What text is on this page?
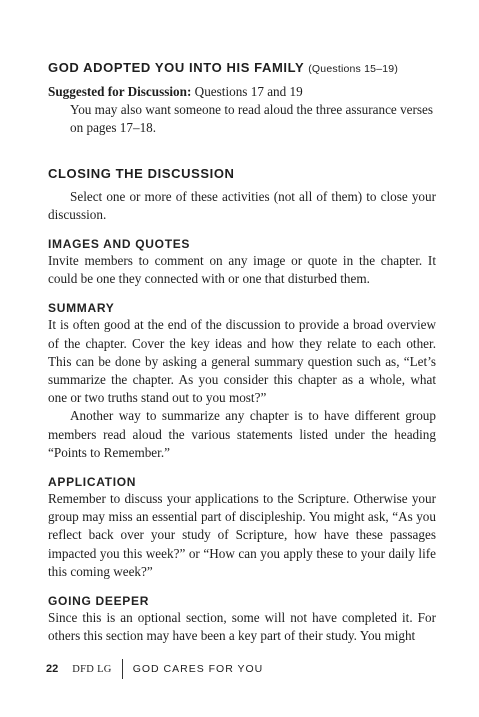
GOD ADOPTED YOU INTO HIS FAMILY (Questions 15–19)

Suggested for Discussion: Questions 17 and 19

You may also want someone to read aloud the three assurance verses on pages 17–18.

CLOSING THE DISCUSSION

Select one or more of these activities (not all of them) to close your discussion.

IMAGES AND QUOTES

Invite members to comment on any image or quote in the chapter. It could be one they connected with or one that disturbed them.

SUMMARY

It is often good at the end of the discussion to provide a broad overview of the chapter. Cover the key ideas and how they relate to each other. This can be done by asking a general summary question such as, “Let’s summarize the chapter. As you consider this chapter as a whole, what one or two truths stand out to you most?”

Another way to summarize any chapter is to have different group members read aloud the various statements listed under the heading “Points to Remember.”

APPLICATION

Remember to discuss your applications to the Scripture. Otherwise your group may miss an essential part of discipleship. You might ask, “As you reflect back over your study of Scripture, how have these passages impacted you this week?” or “How can you apply these to your daily life this coming week?”

GOING DEEPER

Since this is an optional section, some will not have completed it. For others this section may have been a key part of their study. You might

22 DFD LG GOD CARES FOR YOU
